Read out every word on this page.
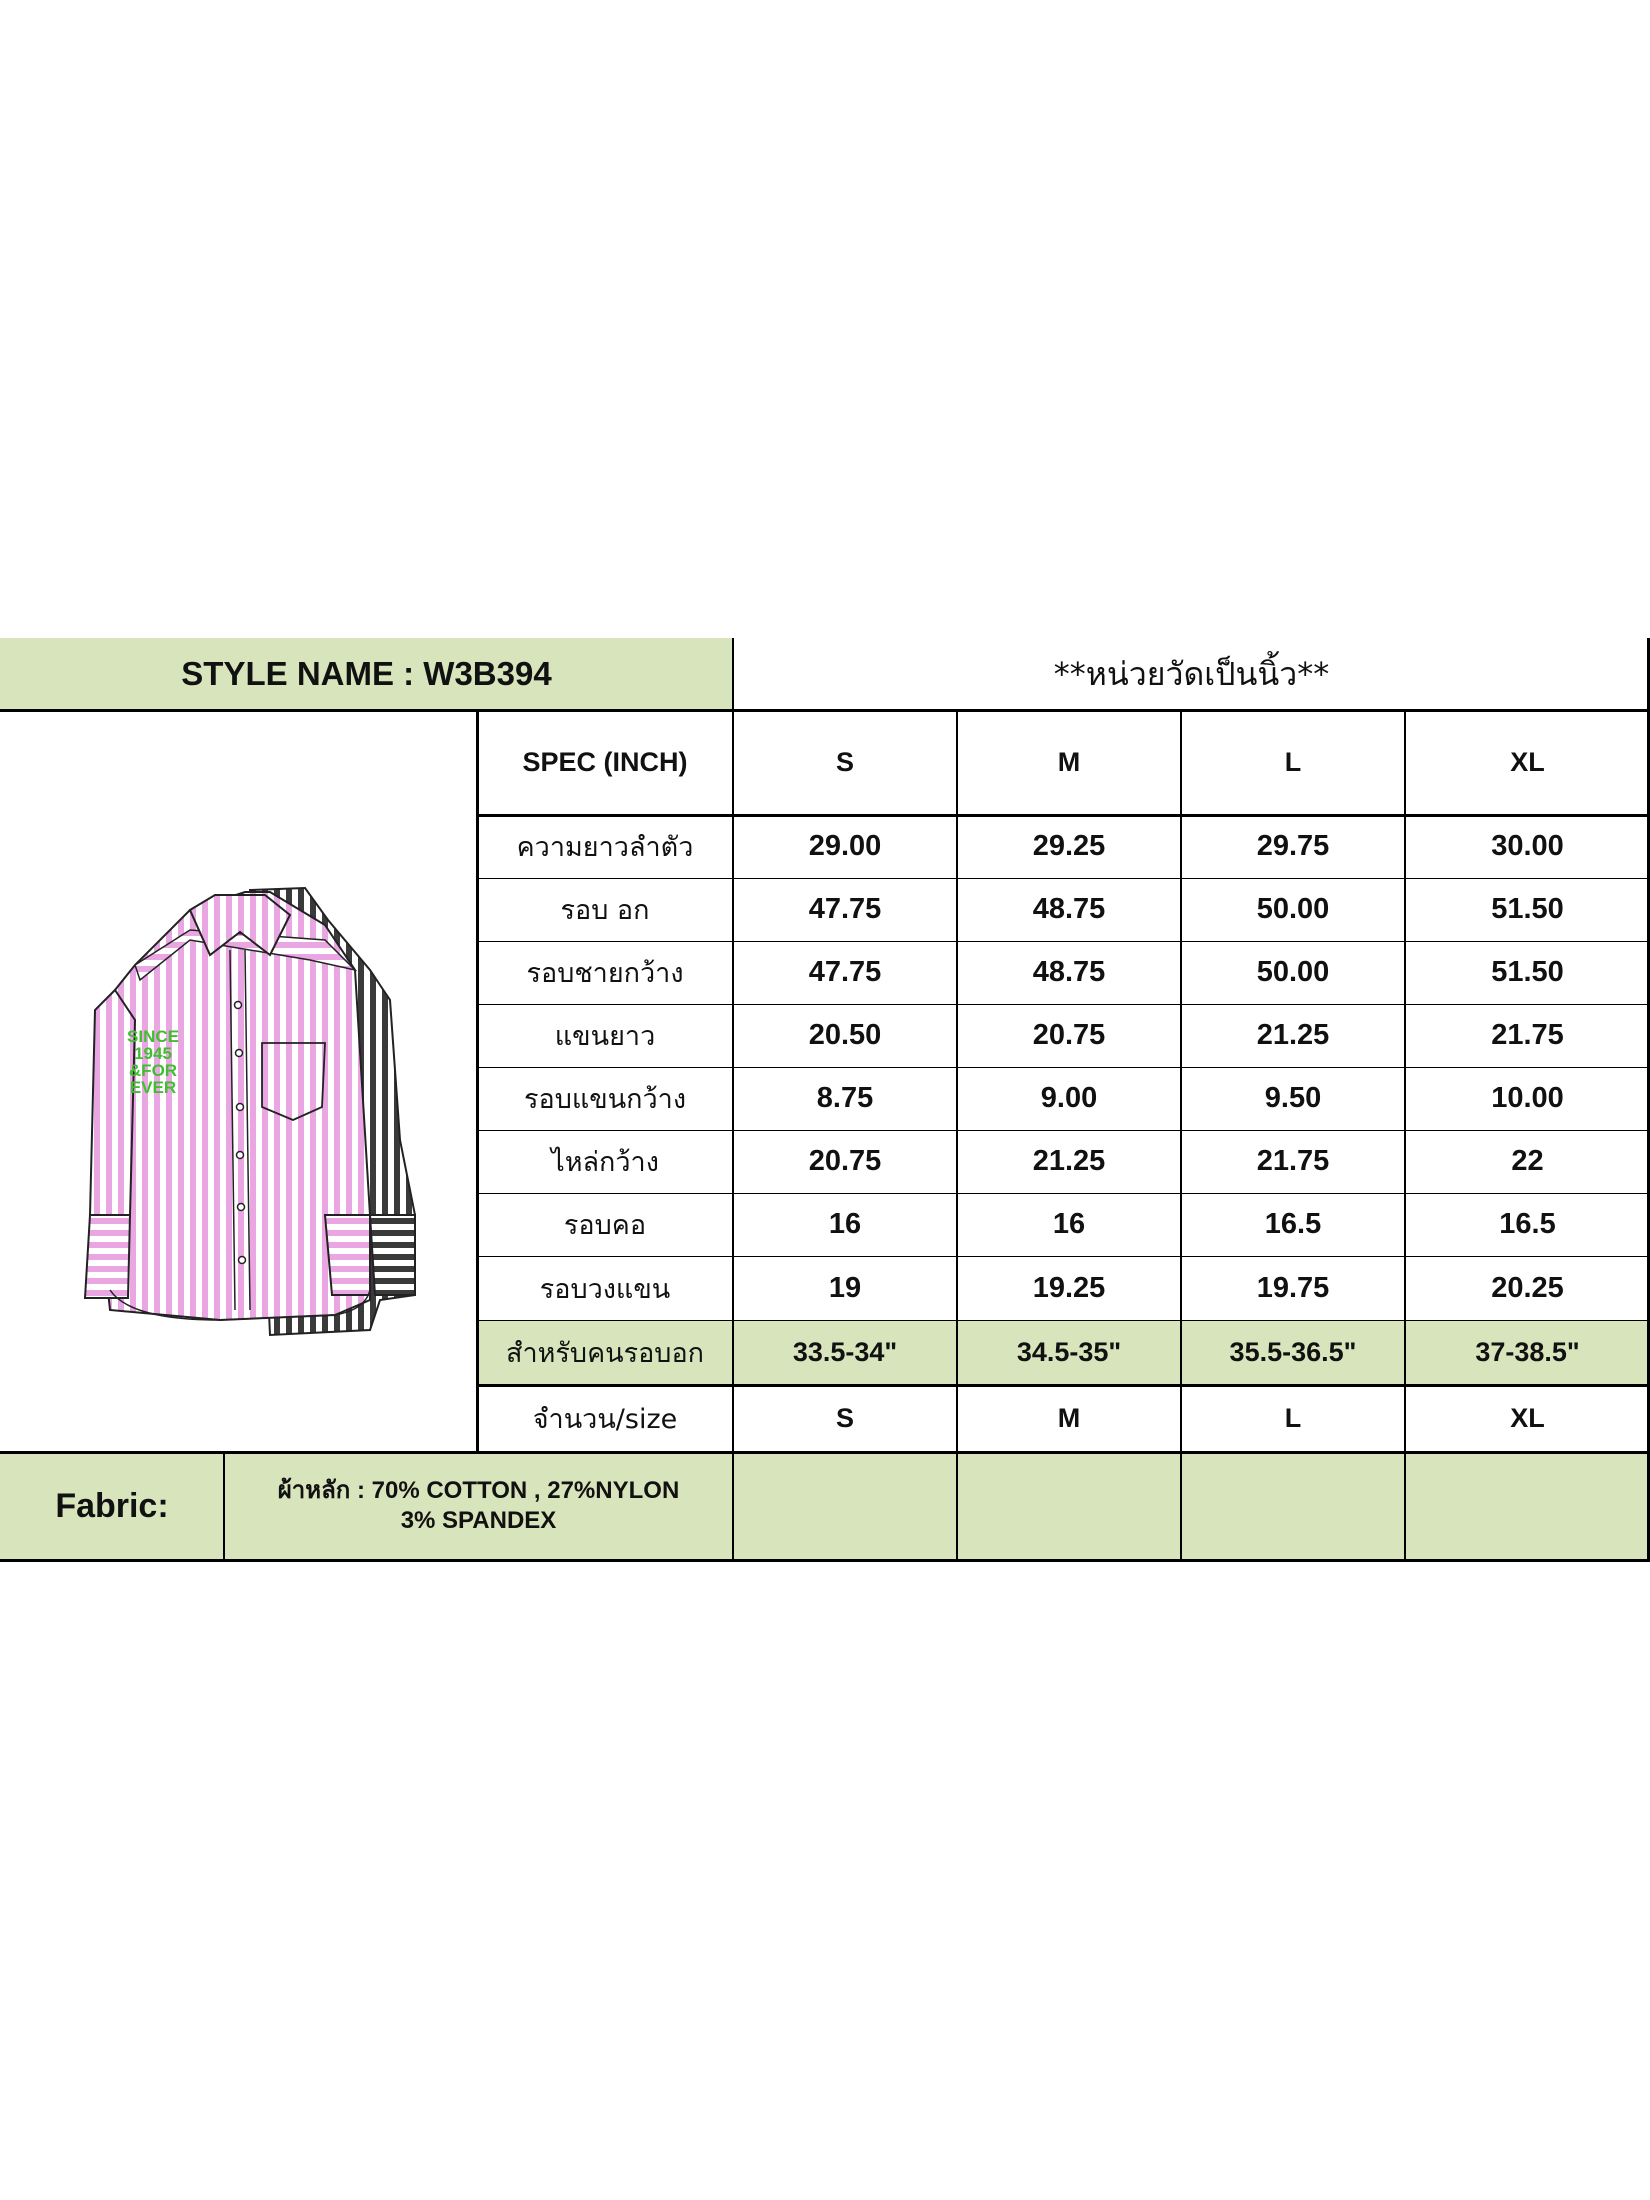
STYLE NAME : W3B394	**หน่วยวัดเป็นนิ้ว**
SINCE
1945
&FOR
EVER
SPEC (INCH)	S	M	L	XL
ความยาวลำตัว	29.00	29.25	29.75	30.00
รอบ อก	47.75	48.75	50.00	51.50
รอบชายกว้าง	47.75	48.75	50.00	51.50
แขนยาว	20.50	20.75	21.25	21.75
รอบแขนกว้าง	8.75	9.00	9.50	10.00
ไหล่กว้าง	20.75	21.25	21.75	22
รอบคอ	16	16	16.5	16.5
รอบวงแขน	19	19.25	19.75	20.25
สำหรับคนรอบอก	33.5-34"	34.5-35"	35.5-36.5"	37-38.5"
จำนวน/size	S	M	L	XL
Fabric:	ผ้าหลัก : 70% COTTON , 27%NYLON
3% SPANDEX
